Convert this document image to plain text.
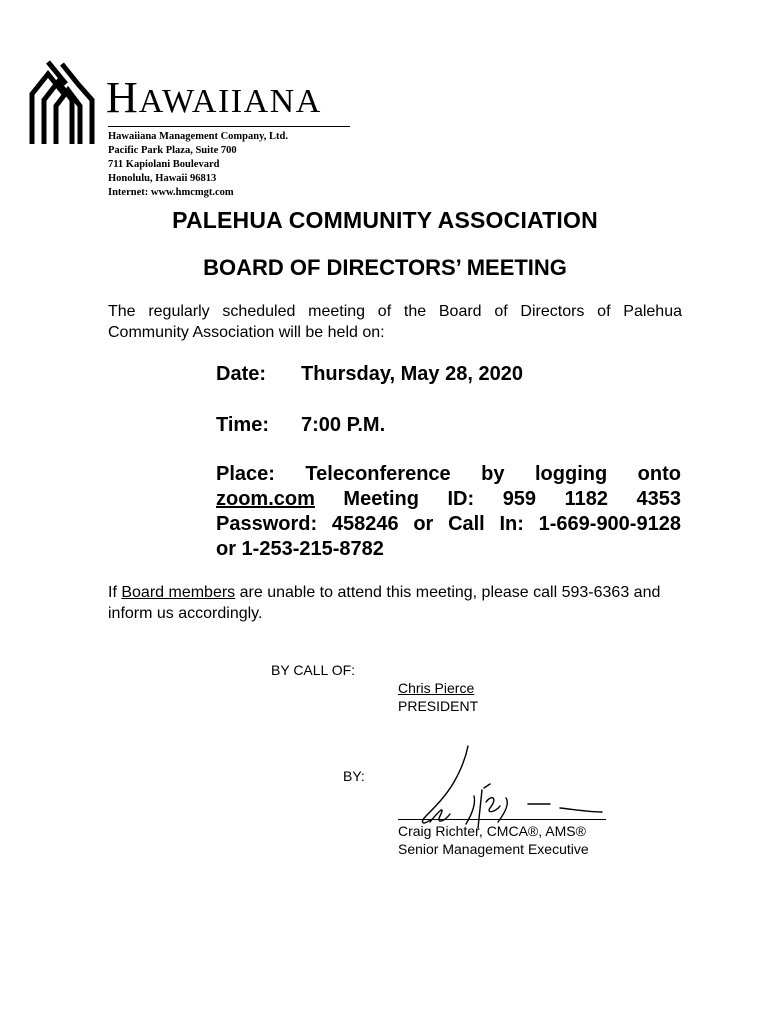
HAWAIIANA
Hawaiiana Management Company, Ltd.
Pacific Park Plaza, Suite 700
711 Kapiolani Boulevard
Honolulu, Hawaii 96813
Internet: www.hmcmgt.com
PALEHUA COMMUNITY ASSOCIATION
BOARD OF DIRECTORS’ MEETING

The regularly scheduled meeting of the Board of Directors of Palehua Community Association will be held on:

Date: Thursday, May 28, 2020
Time: 7:00 P.M.
Place: Teleconference by logging onto
zoom.com Meeting ID: 959 1182 4353
Password: 458246 or Call In: 1-669-900-9128
or 1-253-215-8782

If Board members are unable to attend this meeting, please call 593-6363 and inform us accordingly.

BY CALL OF:
Chris Pierce
PRESIDENT
BY:
Craig Richter, CMCA®, AMS®
Senior Management Executive
